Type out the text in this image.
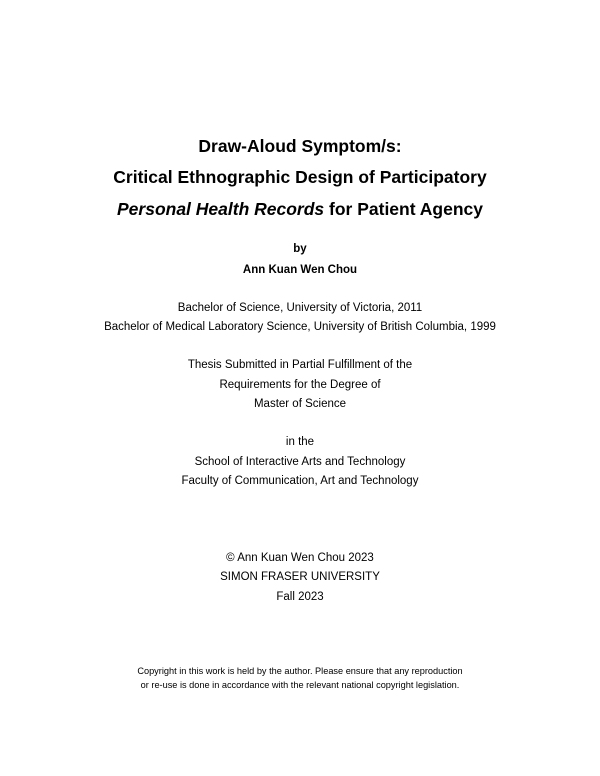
Draw-Aloud Symptom/s:
Critical Ethnographic Design of Participatory
Personal Health Records for Patient Agency
by
Ann Kuan Wen Chou
Bachelor of Science, University of Victoria, 2011
Bachelor of Medical Laboratory Science, University of British Columbia, 1999
Thesis Submitted in Partial Fulfillment of the
Requirements for the Degree of
Master of Science
in the
School of Interactive Arts and Technology
Faculty of Communication, Art and Technology
© Ann Kuan Wen Chou 2023
SIMON FRASER UNIVERSITY
Fall 2023
Copyright in this work is held by the author. Please ensure that any reproduction
or re-use is done in accordance with the relevant national copyright legislation.
